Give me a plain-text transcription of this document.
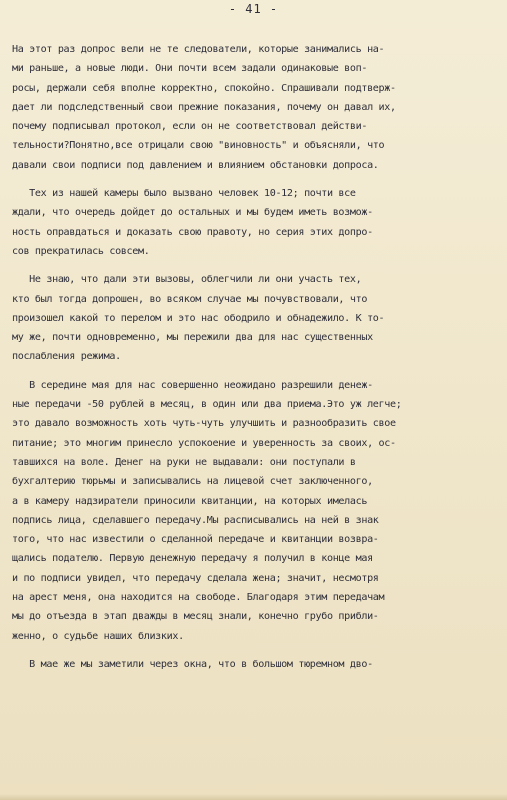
- 41 -
На этот раз допрос вели не те следователи, которые занимались на-
ми раньше, а новые люди. Они почти всем задали одинаковые воп-
росы, держали себя вполне корректно, спокойно. Спрашивали подтверж-
дает ли подследственный свои прежние показания, почему он давал их,
почему подписывал протокол, если он не соответствовал действи-
тельности?Понятно,все отрицали свою "виновность" и объясняли, что
давали свои подписи под давлением и влиянием обстановки допроса.
Тех из нашей камеры было вызвано человек 10-12; почти все
ждали, что очередь дойдет до остальных и мы будем иметь возмож-
ность оправдаться и доказать свою правоту, но серия этих допро-
сов прекратилась совсем.
Не знаю, что дали эти вызовы, облегчили ли они участь тех,
кто был тогда допрошен, во всяком случае мы почувствовали, что
произошел какой то перелом и это нас ободрило и обнадежило. К то-
му же, почти одновременно, мы пережили два для нас существенных
послабления режима.
В середине мая для нас совершенно неожидано разрешили денеж-
ные передачи -50 рублей в месяц, в один или два приема.Это уж легче;
это давало возможность хоть чуть-чуть улучшить и разнообразить свое
питание; это многим принесло успокоение и уверенность за своих, ос-
тавшихся на воле. Денег на руки не выдавали: они поступали в
бухгалтерию тюрьмы и записывались на лицевой счет заключенного,
а в камеру надзиратели приносили квитанции, на которых имелась
подпись лица, сделавшего передачу.Мы расписывались на ней в знак
того, что нас известили о сделанной передаче и квитанции возвра-
щались подателю. Первую денежную передачу я получил в конце мая
и по подписи увидел, что передачу сделала жена; значит, несмотря
на арест меня, она находится на свободе. Благодаря этим передачам
мы до отъезда в этап дважды в месяц знали, конечно грубо прибли-
женно, о судьбе наших близких.
В мае же мы заметили через окна, что в большом тюремном дво-
